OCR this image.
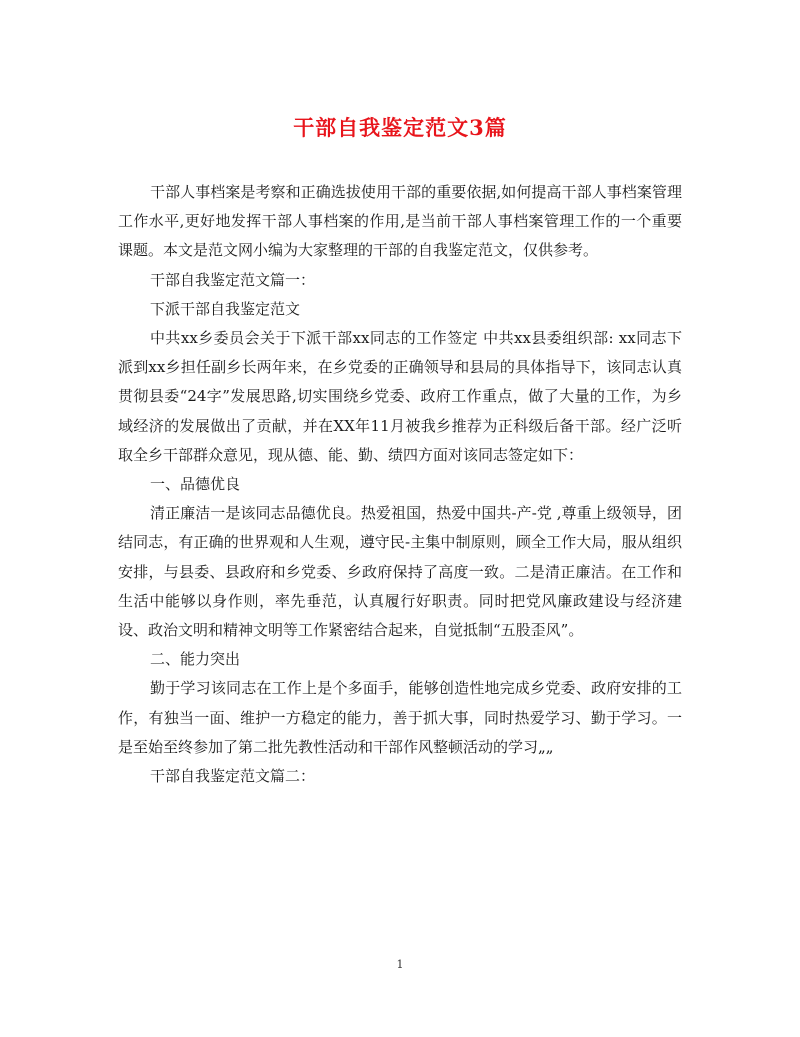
干部自我鉴定范文3篇

干部人事档案是考察和正确选拔使用干部的重要依据,如何提高干部人事档案管理工作水平,更好地发挥干部人事档案的作用,是当前干部人事档案管理工作的一个重要课题。本文是范文网小编为大家整理的干部的自我鉴定范文，仅供参考。

干部自我鉴定范文篇一：

下派干部自我鉴定范文

中共xx乡委员会关于下派干部xx同志的工作签定 中共xx县委组织部: xx同志下派到xx乡担任副乡长两年来，在乡党委的正确领导和县局的具体指导下，该同志认真贯彻县委“24字”发展思路,切实围绕乡党委、政府工作重点，做了大量的工作，为乡域经济的发展做出了贡献，并在XX年11月被我乡推荐为正科级后备干部。经广泛听取全乡干部群众意见，现从德、能、勤、绩四方面对该同志签定如下：

一、品德优良

清正廉洁一是该同志品德优良。热爱祖国，热爱中国共-产-党 ,尊重上级领导，团结同志，有正确的世界观和人生观，遵守民-主集中制原则，顾全工作大局，服从组织安排，与县委、县政府和乡党委、乡政府保持了高度一致。二是清正廉洁。在工作和生活中能够以身作则，率先垂范，认真履行好职责。同时把党风廉政建设与经济建设、政治文明和精神文明等工作紧密结合起来，自觉抵制“五股歪风”。

二、能力突出

勤于学习该同志在工作上是个多面手，能够创造性地完成乡党委、政府安排的工作，有独当一面、维护一方稳定的能力，善于抓大事，同时热爱学习、勤于学习。一是至始至终参加了第二批先教性活动和干部作风整顿活动的学习„„

干部自我鉴定范文篇二：

1
